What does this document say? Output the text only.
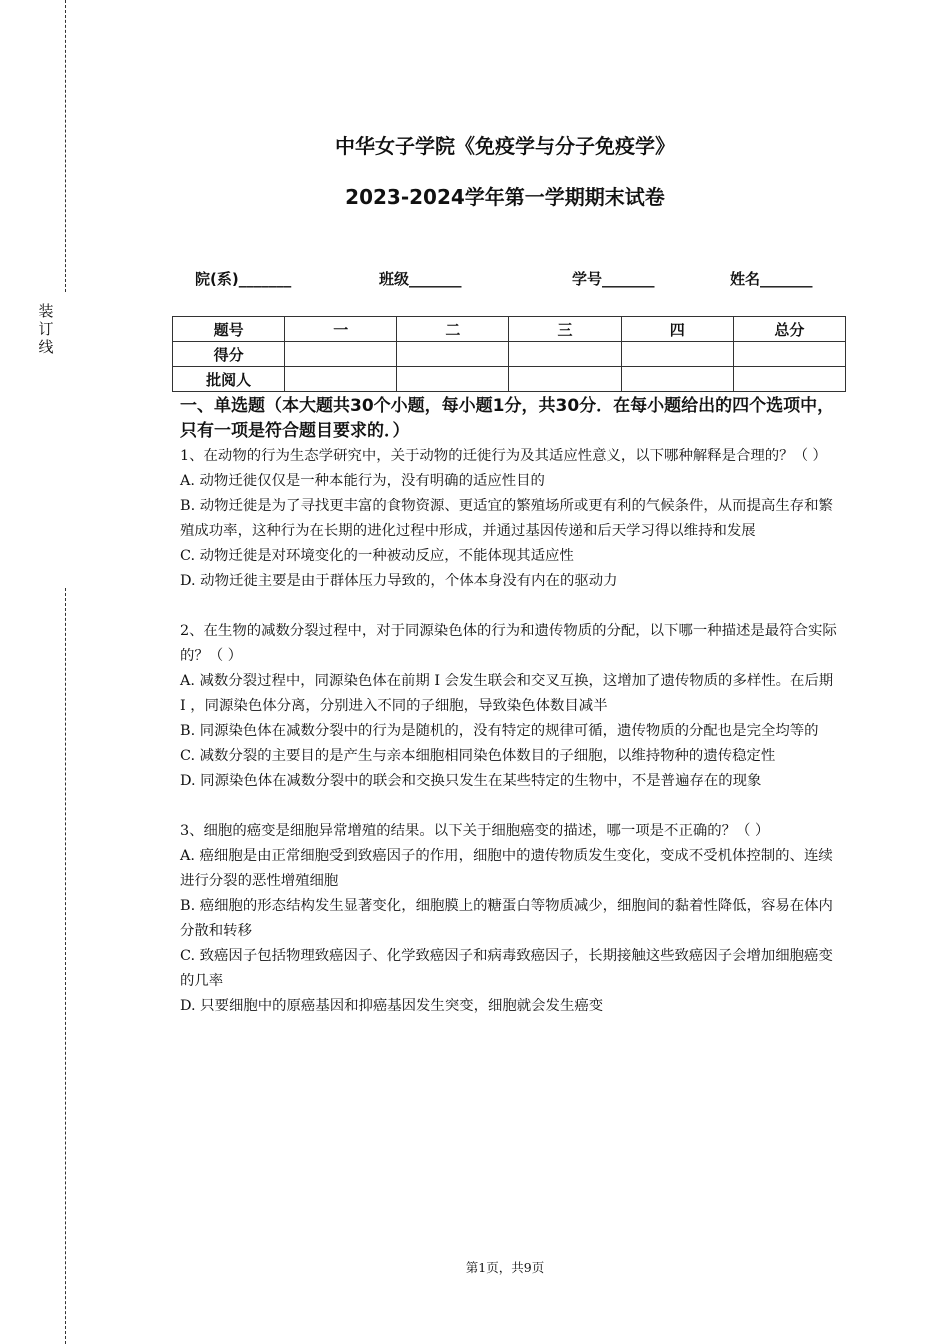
装订线
中华女子学院《免疫学与分子免疫学》
2023-2024学年第一学期期末试卷
院(系)_______	班级_______	学号_______	姓名_______
题号	一	二	三	四	总分
得分					
批阅人					
一、单选题（本大题共30个小题，每小题1分，共30分．在每小题给出的四个选项中，只有一项是符合题目要求的．）

1、在动物的行为生态学研究中，关于动物的迁徙行为及其适应性意义，以下哪种解释是合理的？（ ）

A. 动物迁徙仅仅是一种本能行为，没有明确的适应性目的

B. 动物迁徙是为了寻找更丰富的食物资源、更适宜的繁殖场所或更有利的气候条件，从而提高生存和繁殖成功率，这种行为在长期的进化过程中形成，并通过基因传递和后天学习得以维持和发展

C. 动物迁徙是对环境变化的一种被动反应，不能体现其适应性

D. 动物迁徙主要是由于群体压力导致的，个体本身没有内在的驱动力

2、在生物的减数分裂过程中，对于同源染色体的行为和遗传物质的分配，以下哪一种描述是最符合实际的？（ ）

A. 减数分裂过程中，同源染色体在前期 I 会发生联会和交叉互换，这增加了遗传物质的多样性。在后期 I ，同源染色体分离，分别进入不同的子细胞，导致染色体数目减半

B. 同源染色体在减数分裂中的行为是随机的，没有特定的规律可循，遗传物质的分配也是完全均等的

C. 减数分裂的主要目的是产生与亲本细胞相同染色体数目的子细胞，以维持物种的遗传稳定性

D. 同源染色体在减数分裂中的联会和交换只发生在某些特定的生物中，不是普遍存在的现象

3、细胞的癌变是细胞异常增殖的结果。以下关于细胞癌变的描述，哪一项是不正确的？（ ）

A. 癌细胞是由正常细胞受到致癌因子的作用，细胞中的遗传物质发生变化，变成不受机体控制的、连续进行分裂的恶性增殖细胞

B. 癌细胞的形态结构发生显著变化，细胞膜上的糖蛋白等物质减少，细胞间的黏着性降低，容易在体内分散和转移

C. 致癌因子包括物理致癌因子、化学致癌因子和病毒致癌因子，长期接触这些致癌因子会增加细胞癌变的几率

D. 只要细胞中的原癌基因和抑癌基因发生突变，细胞就会发生癌变

第1页，共9页
